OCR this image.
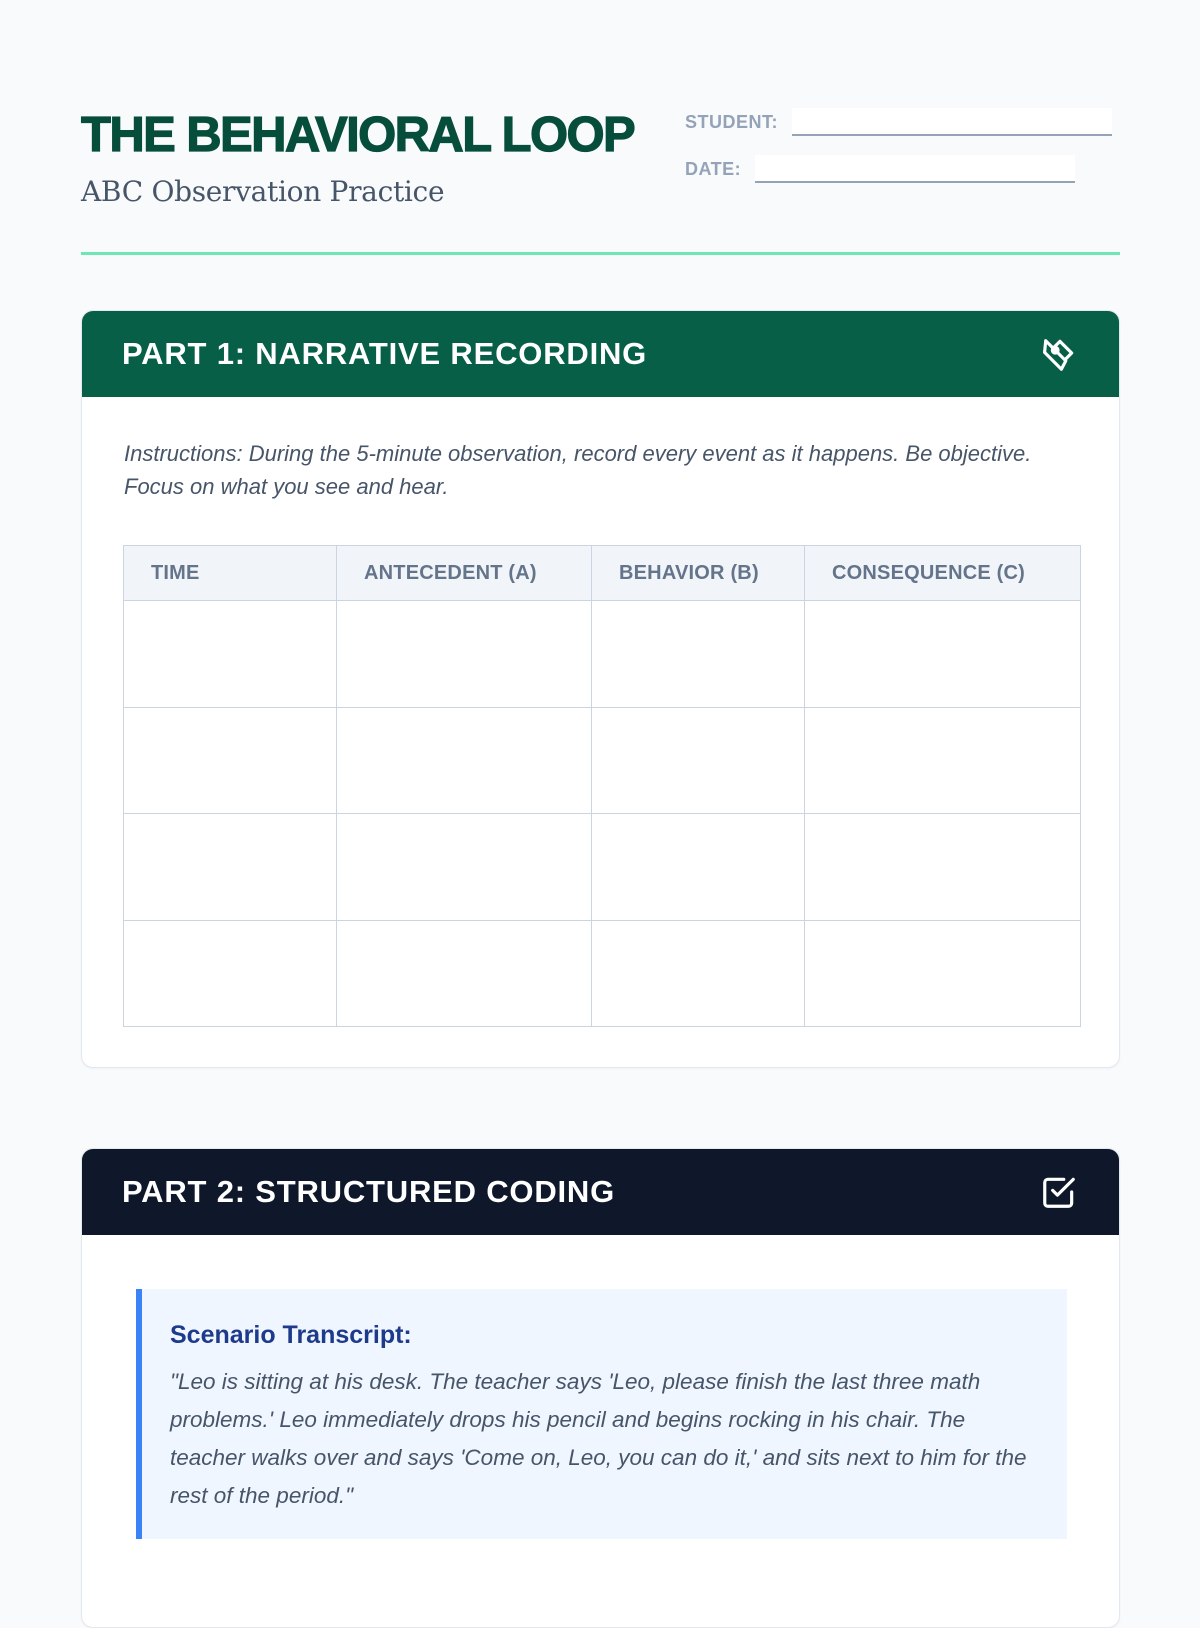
THE BEHAVIORAL LOOP

ABC Observation Practice

STUDENT:
DATE:
PART 1: NARRATIVE RECORDING

Instructions: During the 5-minute observation, record every event as it happens. Be objective. Focus on what you see and hear.

TIME	ANTECEDENT (A)	BEHAVIOR (B)	CONSEQUENCE (C)

PART 2: STRUCTURED CODING
Scenario Transcript:

"Leo is sitting at his desk. The teacher says 'Leo, please finish the last three math problems.' Leo immediately drops his pencil and begins rocking in his chair. The teacher walks over and says 'Come on, Leo, you can do it,' and sits next to him for the rest of the period."
